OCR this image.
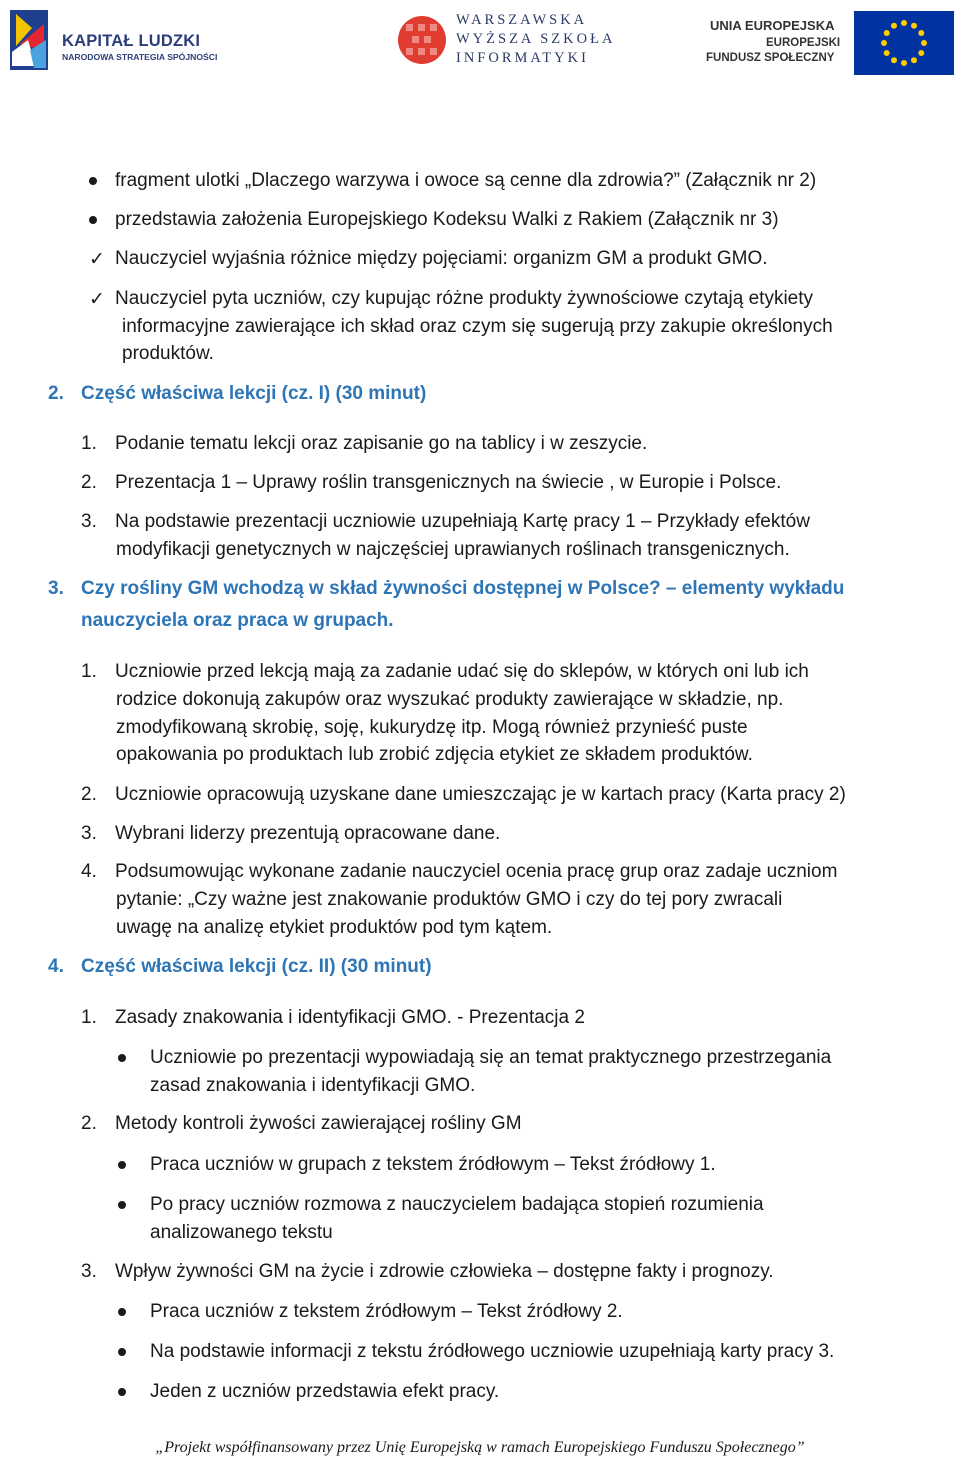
KAPITAŁ LUDZKI
NARODOWA STRATEGIA SPÓJNOŚCI
WARSZAWSKA
WYŻSZA SZKOŁA
INFORMATYKI
UNIA EUROPEJSKA
EUROPEJSKI
FUNDUSZ SPOŁECZNY
fragment ulotki „Dlaczego warzywa i owoce są cenne dla zdrowia?” (Załącznik nr 2)
przedstawia założenia Europejskiego Kodeksu Walki z Rakiem (Załącznik nr 3)
✓ Nauczyciel wyjaśnia różnice między pojęciami: organizm GM a produkt GMO.
✓ Nauczyciel pyta uczniów, czy kupując różne produkty żywnościowe czytają etykiety
informacyjne zawierające ich skład oraz czym się sugerują przy zakupie określonych
produktów.
2. Część właściwa lekcji (cz. I) (30 minut)
1. Podanie tematu lekcji oraz zapisanie go na tablicy i w zeszycie.
2. Prezentacja 1 – Uprawy roślin transgenicznych na świecie , w Europie i Polsce.
3. Na podstawie prezentacji uczniowie uzupełniają Kartę pracy 1 – Przykłady efektów
modyfikacji genetycznych w najczęściej uprawianych roślinach transgenicznych.
3. Czy rośliny GM wchodzą w skład żywności dostępnej w Polsce? – elementy wykładu
nauczyciela oraz praca w grupach.
1. Uczniowie przed lekcją mają za zadanie udać się do sklepów, w których oni lub ich
rodzice dokonują zakupów oraz wyszukać produkty zawierające w składzie, np.
zmodyfikowaną skrobię, soję, kukurydzę itp. Mogą również przynieść puste
opakowania po produktach lub zrobić zdjęcia etykiet ze składem produktów.
2. Uczniowie opracowują uzyskane dane umieszczając je w kartach pracy (Karta pracy 2)
3. Wybrani liderzy prezentują opracowane dane.
4. Podsumowując wykonane zadanie nauczyciel ocenia pracę grup oraz zadaje uczniom
pytanie: „Czy ważne jest znakowanie produktów GMO i czy do tej pory zwracali
uwagę na analizę etykiet produktów pod tym kątem.
4. Część właściwa lekcji (cz. II) (30 minut)
1. Zasady znakowania i identyfikacji GMO. - Prezentacja 2
Uczniowie po prezentacji wypowiadają się an temat praktycznego przestrzegania
zasad znakowania i identyfikacji GMO.
2. Metody kontroli żywości zawierającej rośliny GM
Praca uczniów w grupach z tekstem źródłowym – Tekst źródłowy 1.
Po pracy uczniów rozmowa z nauczycielem badająca stopień rozumienia
analizowanego tekstu
3. Wpływ żywności GM na życie i zdrowie człowieka – dostępne fakty i prognozy.
Praca uczniów z tekstem źródłowym – Tekst źródłowy 2.
Na podstawie informacji z tekstu źródłowego uczniowie uzupełniają karty pracy 3.
Jeden z uczniów przedstawia efekt pracy.
„Projekt współfinansowany przez Unię Europejską w ramach Europejskiego Funduszu Społecznego”
